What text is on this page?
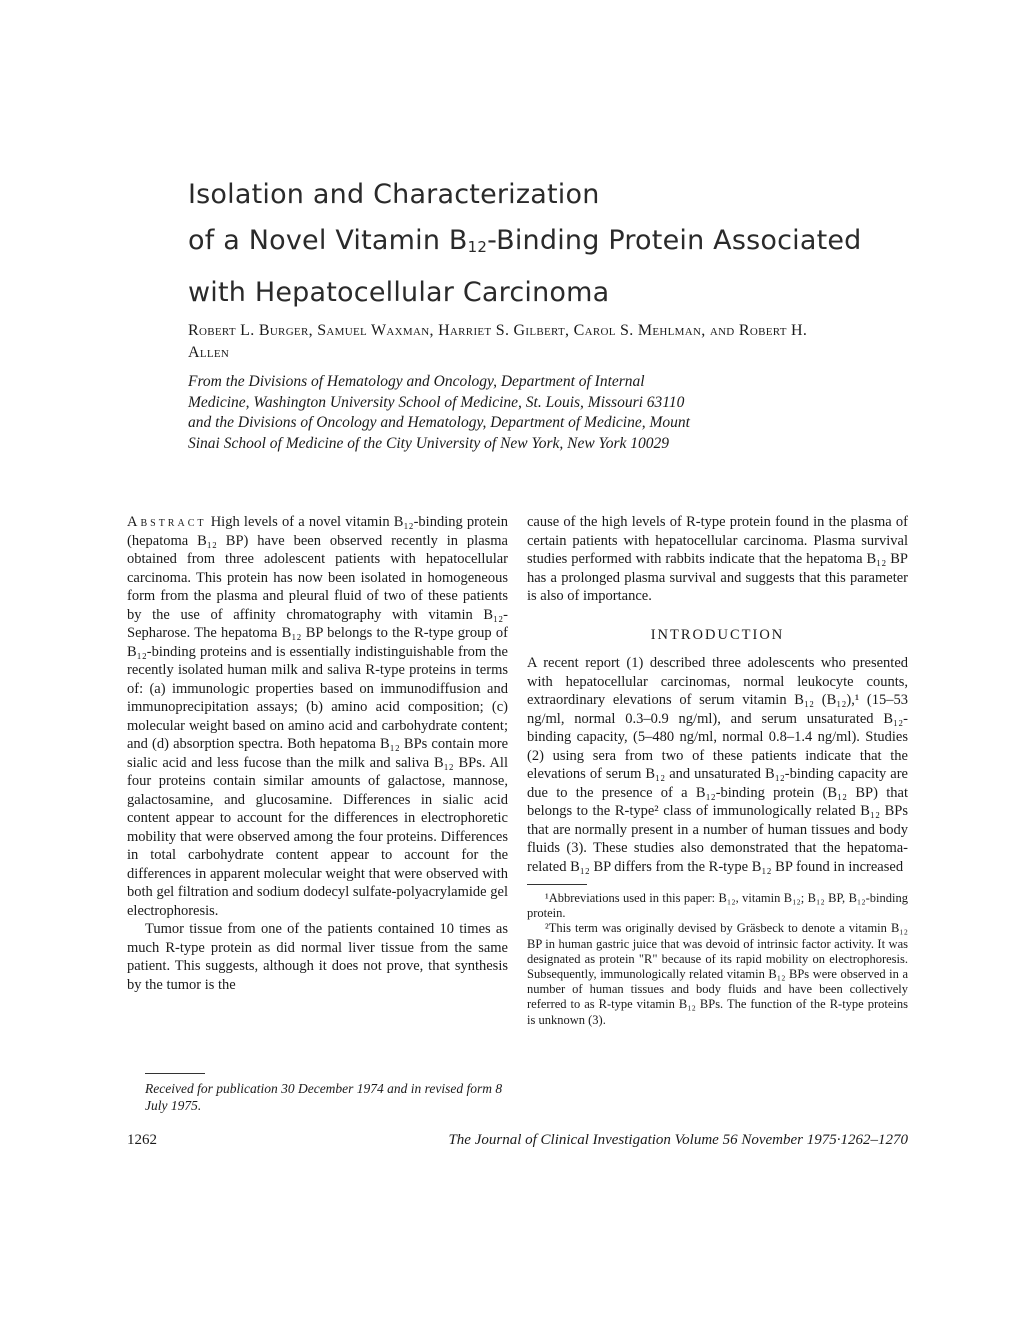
Isolation and Characterization
of a Novel Vitamin $B_{12}$-Binding Protein Associated
with Hepatocellular Carcinoma
Robert L. Burger, Samuel Waxman, Harriet S. Gilbert, Carol S. Mehlman, and Robert H. Allen
From the Divisions of Hematology and Oncology, Department of Internal Medicine, Washington University School of Medicine, St. Louis, Missouri 63110 and the Divisions of Oncology and Hematology, Department of Medicine, Mount Sinai School of Medicine of the City University of New York, New York 10029

Abstract High levels of a novel vitamin B₁₂-binding protein (hepatoma B₁₂ BP) have been observed recently in plasma obtained from three adolescent patients with hepatocellular carcinoma. This protein has now been isolated in homogeneous form from the plasma and pleural fluid of two of these patients by the use of affinity chromatography with vitamin B₁₂-Sepharose. The hepatoma B₁₂ BP belongs to the R-type group of B₁₂-binding proteins and is essentially indistinguishable from the recently isolated human milk and saliva R-type proteins in terms of: (a) immunologic properties based on immunodiffusion and immunoprecipitation assays; (b) amino acid composition; (c) molecular weight based on amino acid and carbohydrate content; and (d) absorption spectra. Both hepatoma B₁₂ BPs contain more sialic acid and less fucose than the milk and saliva B₁₂ BPs. All four proteins contain similar amounts of galactose, mannose, galactosamine, and glucosamine. Differences in sialic acid content appear to account for the differences in electrophoretic mobility that were observed among the four proteins. Differences in total carbohydrate content appear to account for the differences in apparent molecular weight that were observed with both gel filtration and sodium dodecyl sulfate-polyacrylamide gel electrophoresis.

Tumor tissue from one of the patients contained 10 times as much R-type protein as did normal liver tissue from the same patient. This suggests, although it does not prove, that synthesis by the tumor is the

Received for publication 30 December 1974 and in revised form 8 July 1975.

cause of the high levels of R-type protein found in the plasma of certain patients with hepatocellular carcinoma. Plasma survival studies performed with rabbits indicate that the hepatoma B₁₂ BP has a prolonged plasma survival and suggests that this parameter is also of importance.

INTRODUCTION

A recent report (1) described three adolescents who presented with hepatocellular carcinomas, normal leukocyte counts, extraordinary elevations of serum vitamin B₁₂ (B₁₂),¹ (15–53 ng/ml, normal 0.3–0.9 ng/ml), and serum unsaturated B₁₂-binding capacity, (5–480 ng/ml, normal 0.8–1.4 ng/ml). Studies (2) using sera from two of these patients indicate that the elevations of serum B₁₂ and unsaturated B₁₂-binding capacity are due to the presence of a B₁₂-binding protein (B₁₂ BP) that belongs to the R-type² class of immunologically related B₁₂ BPs that are normally present in a number of human tissues and body fluids (3). These studies also demonstrated that the hepatoma-related B₁₂ BP differs from the R-type B₁₂ BP found in increased

¹Abbreviations used in this paper: B₁₂, vitamin B₁₂; B₁₂ BP, B₁₂-binding protein.

²This term was originally devised by Gräsbeck to denote a vitamin B₁₂ BP in human gastric juice that was devoid of intrinsic factor activity. It was designated as protein "R" because of its rapid mobility on electrophoresis. Subsequently, immunologically related vitamin B₁₂ BPs were observed in a number of human tissues and body fluids and have been collectively referred to as R-type vitamin B₁₂ BPs. The function of the R-type proteins is unknown (3).

1262	The Journal of Clinical Investigation Volume 56 November 1975·1262–1270
